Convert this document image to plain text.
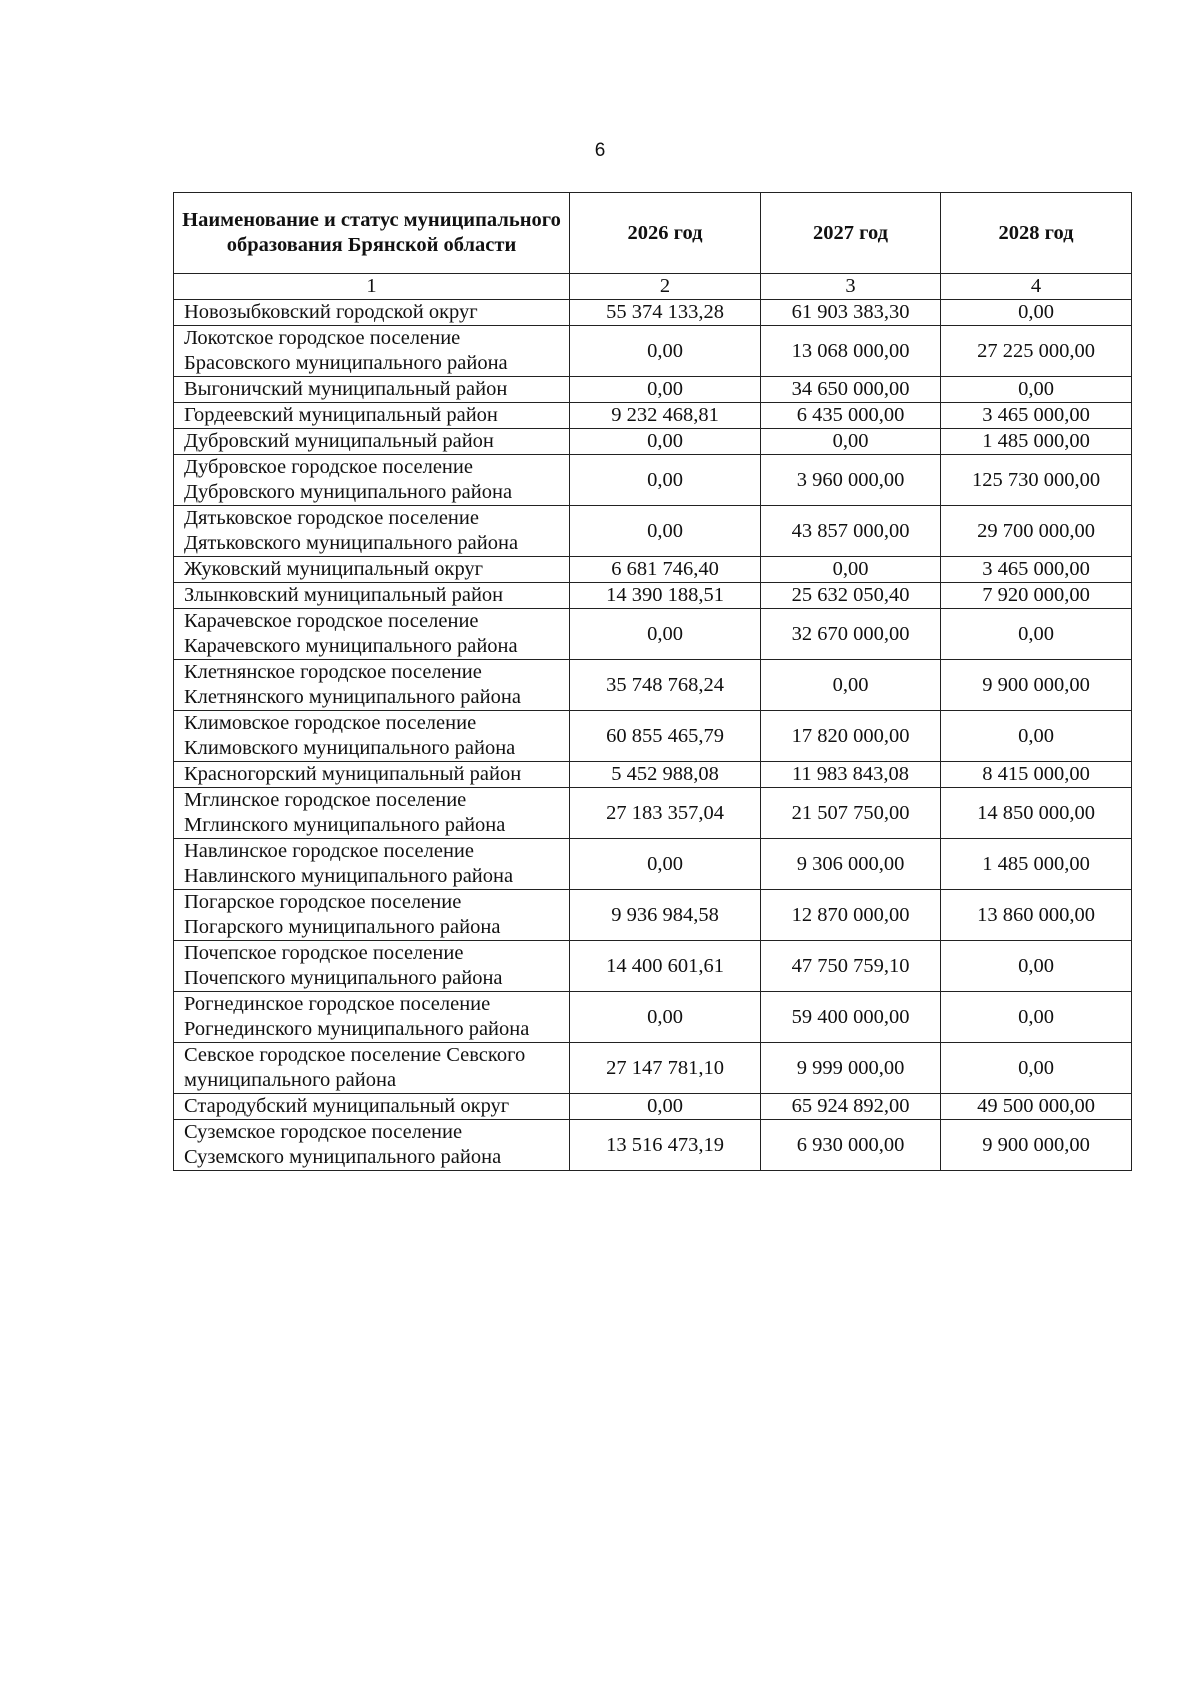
6
Наименование и статус муниципального образования Брянской области	2026 год	2027 год	2028 год
1	2	3	4
Новозыбковский городской округ	55 374 133,28	61 903 383,30	0,00
Локотское городское поселение Брасовского муниципального района	0,00	13 068 000,00	27 225 000,00
Выгоничский муниципальный район	0,00	34 650 000,00	0,00
Гордеевский муниципальный район	9 232 468,81	6 435 000,00	3 465 000,00
Дубровский муниципальный район	0,00	0,00	1 485 000,00
Дубровское городское поселение Дубровского муниципального района	0,00	3 960 000,00	125 730 000,00
Дятьковское городское поселение Дятьковского муниципального района	0,00	43 857 000,00	29 700 000,00
Жуковский муниципальный округ	6 681 746,40	0,00	3 465 000,00
Злынковский муниципальный район	14 390 188,51	25 632 050,40	7 920 000,00
Карачевское городское поселение Карачевского муниципального района	0,00	32 670 000,00	0,00
Клетнянское городское поселение Клетнянского муниципального района	35 748 768,24	0,00	9 900 000,00
Климовское городское поселение Климовского муниципального района	60 855 465,79	17 820 000,00	0,00
Красногорский муниципальный район	5 452 988,08	11 983 843,08	8 415 000,00
Мглинское городское поселение Мглинского муниципального района	27 183 357,04	21 507 750,00	14 850 000,00
Навлинское городское поселение Навлинского муниципального района	0,00	9 306 000,00	1 485 000,00
Погарское городское поселение Погарского муниципального района	9 936 984,58	12 870 000,00	13 860 000,00
Почепское городское поселение Почепского муниципального района	14 400 601,61	47 750 759,10	0,00
Рогнединское городское поселение Рогнединского муниципального района	0,00	59 400 000,00	0,00
Севское городское поселение Севского муниципального района	27 147 781,10	9 999 000,00	0,00
Стародубский муниципальный округ	0,00	65 924 892,00	49 500 000,00
Суземское городское поселение Суземского муниципального района	13 516 473,19	6 930 000,00	9 900 000,00
